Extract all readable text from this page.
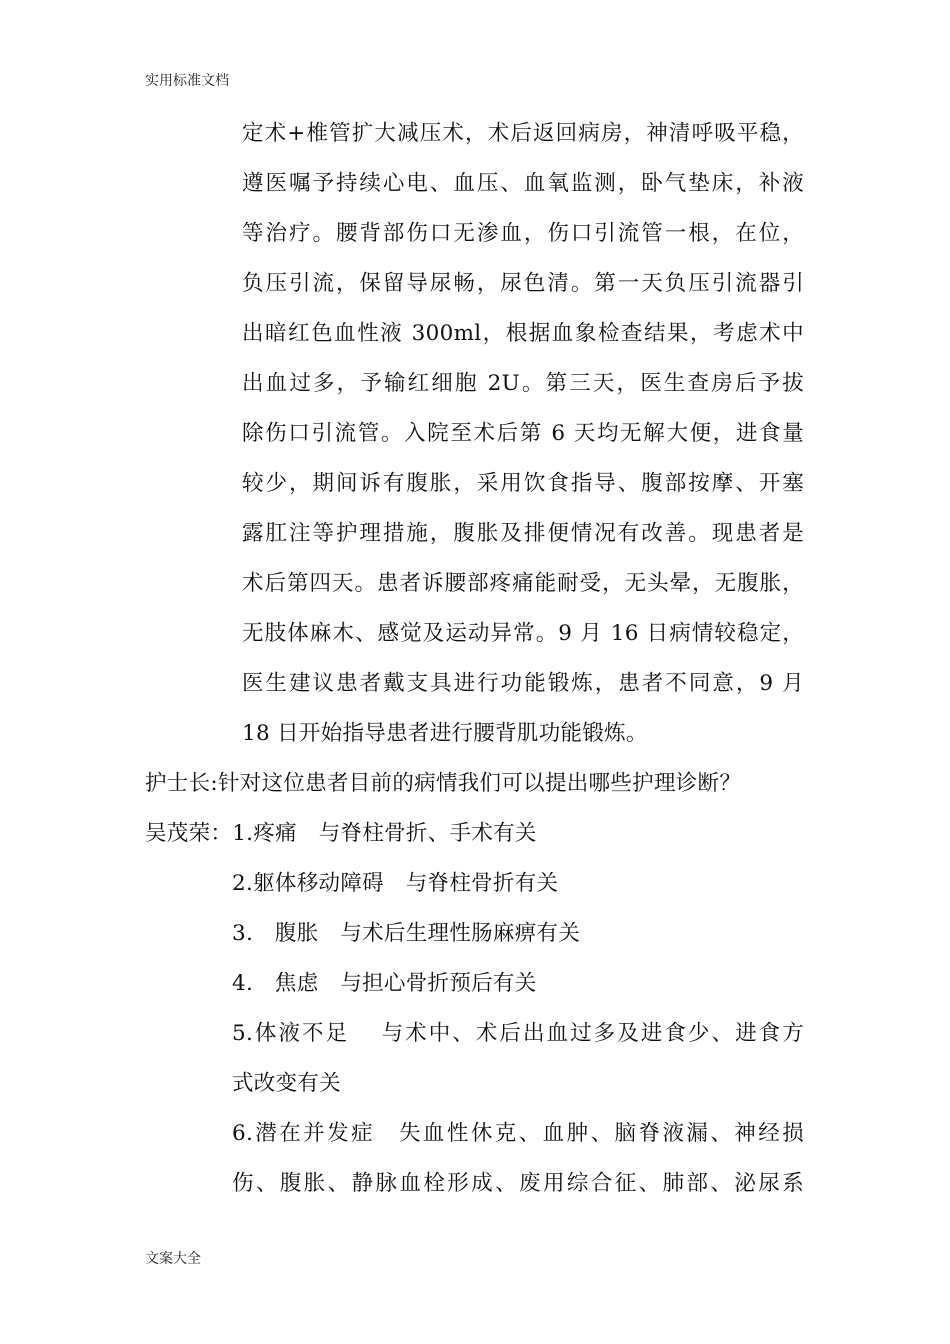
实用标准文档
定术+椎管扩大减压术，术后返回病房，神清呼吸平稳，
遵医嘱予持续心电、血压、血氧监测，卧气垫床，补液
等治疗。腰背部伤口无渗血，伤口引流管一根，在位，
负压引流，保留导尿畅，尿色清。第一天负压引流器引
出暗红色血性液 300ml，根据血象检查结果，考虑术中
出血过多，予输红细胞 2U。第三天，医生查房后予拔
除伤口引流管。入院至术后第 6 天均无解大便，进食量
较少，期间诉有腹胀，采用饮食指导、腹部按摩、开塞
露肛注等护理措施，腹胀及排便情况有改善。现患者是
术后第四天。患者诉腰部疼痛能耐受，无头晕，无腹胀，
无肢体麻木、感觉及运动异常。9 月 16 日病情较稳定，
医生建议患者戴支具进行功能锻炼，患者不同意，9 月
18 日开始指导患者进行腰背肌功能锻炼。
护士长:针对这位患者目前的病情我们可以提出哪些护理诊断？
吴茂荣：1.疼痛　与脊柱骨折、手术有关
2.躯体移动障碍　与脊柱骨折有关
3.　腹胀　与术后生理性肠麻痹有关
4.　焦虑　与担心骨折预后有关
5.体液不足　 与术中、术后出血过多及进食少、进食方
式改变有关
6.潜在并发症　失血性休克、血肿、脑脊液漏、神经损
伤、腹胀、静脉血栓形成、废用综合征、肺部、泌尿系
文案大全
